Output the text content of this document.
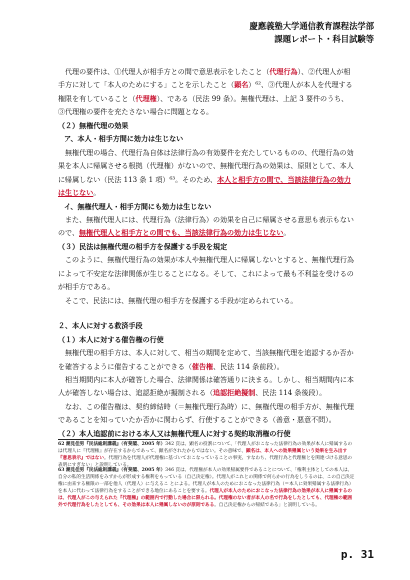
慶應義塾大学通信教育課程法学部
課題レポート・科目試験等

代理の要件は、①代理人が相手方との間で意思表示をしたこと（代理行為）、②代理人が相手方に対して「本人のためにする」ことを示したこと（顕名）⁶²、③代理人が本人を代理する権限を有していること（代理権）、である（民法 99 条）。無権代理は、上記 3 要件のうち、③代理権の要件を充たさない場合に問題となる。

（２）無権代理の効果

ア、本人・相手方間に効力は生じない

無権代理の場合、代理行為自体は法律行為の有効要件を充たしているものの、代理行為の効果を本人に帰属させる根拠（代理権）がないので、無権代理行為の効果は、原則として、本人に帰属しない（民法 113 条 1 項）⁶³。そのため、本人と相手方の間で、当該法律行為の効力は生じない。

イ、無権代理人・相手方間にも効力は生じない

また、無権代理人には、代理行為（法律行為）の効果を自己に帰属させる意思も表示もないので、無権代理人と相手方との間でも、当該法律行為の効力は生じない。

（３）民法は無権代理の相手方を保護する手段を規定

このように、無権代理行為の効果が本人や無権代理人に帰属しないとすると、無権代理行為によって不安定な法律関係が生じることになる。そして、これによって最も不利益を受けるのが相手方である。

そこで、民法には、無権代理の相手方を保護する手段が定められている。

２、本人に対する救済手段

（１）本人に対する催告権の行使

無権代理の相手方は、本人に対して、相当の期間を定めて、当該無権代理を追認するか否かを確答するように催告することができる（催告権、民法 114 条前段）。

相当期間内に本人が確答した場合、法律関係は確答通りに決まる。しかし、相当期間内に本人が確答しない場合は、追認拒絶が擬制される（追認拒絶擬制、民法 114 条後段）。

なお、この催告権は、契約締結時（＝無権代理行為時）に、無権代理の相手方が、無権代理であることを知っていたか否かに関わらず、行使することができる（善意・悪意不問）。

（２）本人追認前における本人又は無権代理人に対する契約取消権の行使

62 潮見佳男『民法総則講義』（有斐閣、2005 年）342 頁は、顕名の役割について、「代理人がおこなった法律行為の効果が本人に帰属するのは代理人に『代理権』が存在するからであって、顕名がされたからではない。その意味で、顕名は、本人への効果帰属という効果を生み出す『意思表示』ではない。代理行為を代理人が代理権に基づいておこなっていることの事実、すなわち、代理行為と代理権とを関連づける意思の表明にすぎない」と説明している。
63 潮見佳男『民法総則講義』（有斐閣、2005 年）346 頁は、代理権が本人の効果帰属要件であることについて、「権利主体としての本人は、自分の私的生活関係をみずからが形成する権利をもっている（自己決定権）。代理人がこれとの関係で何らかの行為をしうるのは、この自己決定権に由来する権限の一部を他人（代理人）に与えるこ とによる。代理人が本人のためにおこなった法律行為（＝本人に効果帰属する法律行為）を本人に代わって法律行為をすることができる地位にあることを要する。代理人が本人のためにおこなった法律行為の効果が本人に帰属するのは、代理人がこの与えられた『代理権』の範囲内で行動した場合に限られる。代理権のない者が本人の名で行為をしたとしても、代理権の範囲外で代理行為をしたとしても、その効果は本人に帰属しないのが原則である。自己決定権からの帰結である」と説明している。
p. 31
